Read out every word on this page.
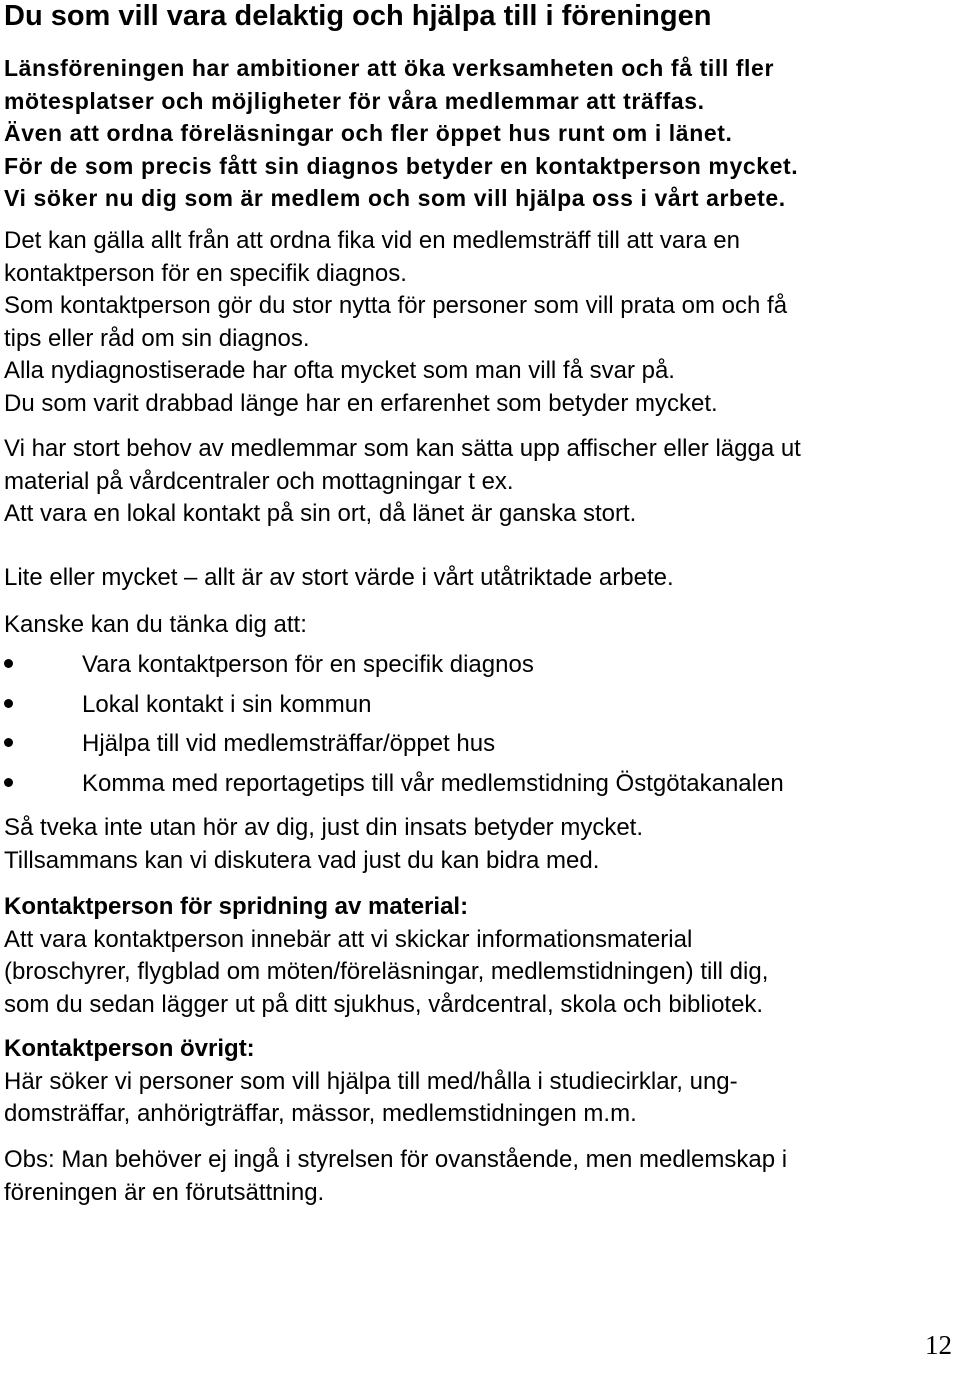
Du som vill vara delaktig och hjälpa till i föreningen
Länsföreningen har ambitioner att öka verksamheten och få till fler
mötesplatser och möjligheter för våra medlemmar att träffas.
Även att ordna föreläsningar och fler öppet hus runt om i länet.
För de som precis fått sin diagnos betyder en kontaktperson mycket.
Vi söker nu dig som är medlem och som vill hjälpa oss i vårt arbete.
Det kan gälla allt från att ordna fika vid en medlemsträff till att vara en
kontaktperson för en specifik diagnos.
Som kontaktperson gör du stor nytta för personer som vill prata om och få
tips eller råd om sin diagnos.
Alla nydiagnostiserade har ofta mycket som man vill få svar på.
Du som varit drabbad länge har en erfarenhet som betyder mycket.
Vi har stort behov av medlemmar som kan sätta upp affischer eller lägga ut
material på vårdcentraler och mottagningar t ex.
Att vara en lokal kontakt på sin ort, då länet är ganska stort.
Lite eller mycket – allt är av stort värde i vårt utåtriktade arbete.
Kanske kan du tänka dig att:
Vara kontaktperson för en specifik diagnos
Lokal kontakt i sin kommun
Hjälpa till vid medlemsträffar/öppet hus
Komma med reportagetips till vår medlemstidning Östgötakanalen
Så tveka inte utan hör av dig, just din insats betyder mycket.
Tillsammans kan vi diskutera vad just du kan bidra med.
Kontaktperson för spridning av material:
Att vara kontaktperson innebär att vi skickar informationsmaterial
(broschyrer, flygblad om möten/föreläsningar, medlemstidningen) till dig,
som du sedan lägger ut på ditt sjukhus, vårdcentral, skola och bibliotek.
Kontaktperson övrigt:
Här söker vi personer som vill hjälpa till med/hålla i studiecirklar, ung-
domsträffar, anhörigträffar, mässor, medlemstidningen m.m.
Obs: Man behöver ej ingå i styrelsen för ovanstående, men medlemskap i
föreningen är en förutsättning.
12
